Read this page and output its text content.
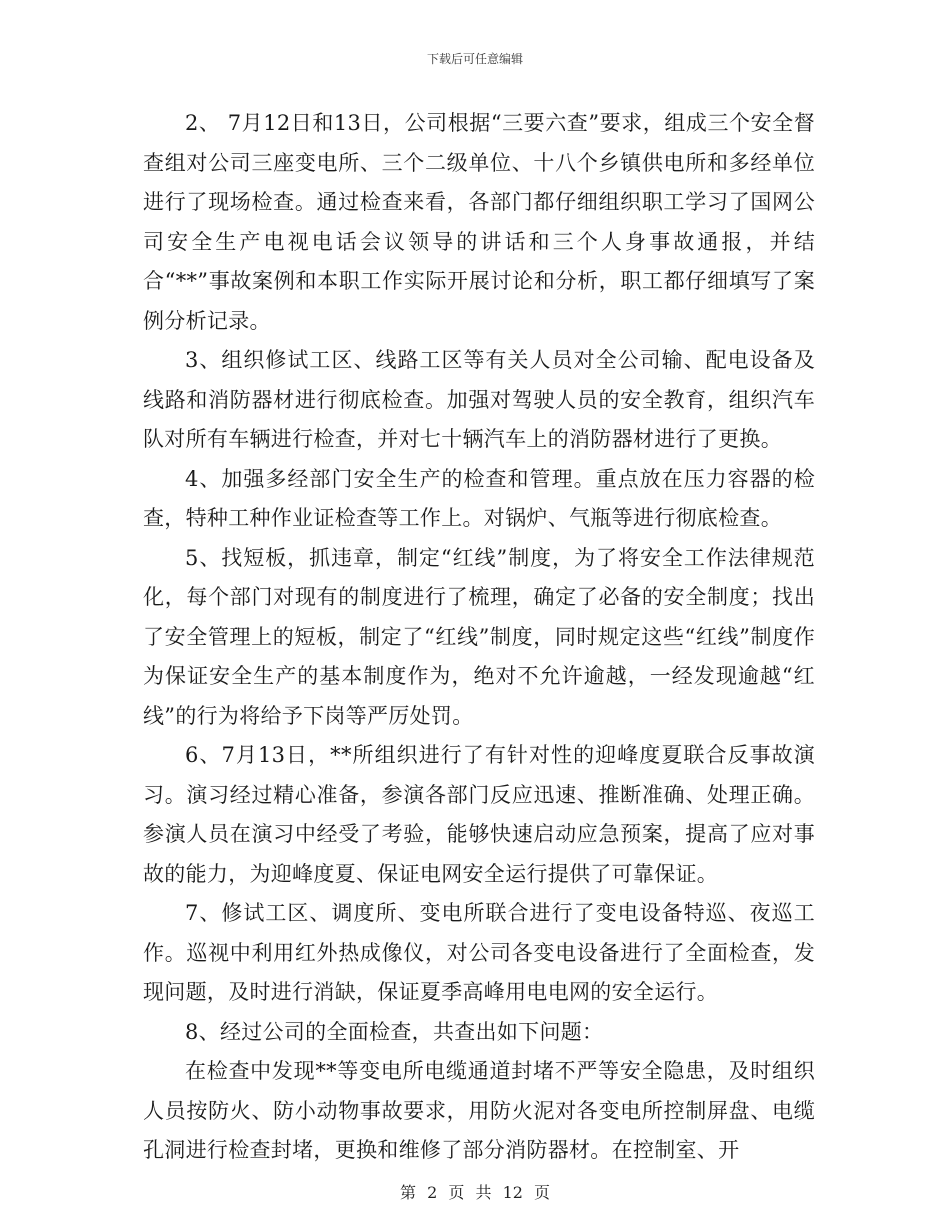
下载后可任意编辑

2、 7月12日和13日，公司根据“三要六查”要求，组成三个安全督查组对公司三座变电所、三个二级单位、十八个乡镇供电所和多经单位进行了现场检查。通过检查来看，各部门都仔细组织职工学习了国网公司安全生产电视电话会议领导的讲话和三个人身事故通报，并结合“**”事故案例和本职工作实际开展讨论和分析，职工都仔细填写了案例分析记录。

3、组织修试工区、线路工区等有关人员对全公司输、配电设备及线路和消防器材进行彻底检查。加强对驾驶人员的安全教育，组织汽车队对所有车辆进行检查，并对七十辆汽车上的消防器材进行了更换。

4、加强多经部门安全生产的检查和管理。重点放在压力容器的检查，特种工种作业证检查等工作上。对锅炉、气瓶等进行彻底检查。

5、找短板，抓违章，制定“红线”制度，为了将安全工作法律规范化，每个部门对现有的制度进行了梳理，确定了必备的安全制度；找出了安全管理上的短板，制定了“红线”制度，同时规定这些“红线”制度作为保证安全生产的基本制度作为，绝对不允许逾越，一经发现逾越“红线”的行为将给予下岗等严厉处罚。

6、7月13日，**所组织进行了有针对性的迎峰度夏联合反事故演习。演习经过精心准备，参演各部门反应迅速、推断准确、处理正确。参演人员在演习中经受了考验，能够快速启动应急预案，提高了应对事故的能力，为迎峰度夏、保证电网安全运行提供了可靠保证。

7、修试工区、调度所、变电所联合进行了变电设备特巡、夜巡工作。巡视中利用红外热成像仪，对公司各变电设备进行了全面检查，发现问题，及时进行消缺，保证夏季高峰用电电网的安全运行。

8、经过公司的全面检查，共查出如下问题：

在检查中发现**等变电所电缆通道封堵不严等安全隐患，及时组织人员按防火、防小动物事故要求，用防火泥对各变电所控制屏盘、电缆孔洞进行检查封堵，更换和维修了部分消防器材。在控制室、开

第 2 页 共 12 页
